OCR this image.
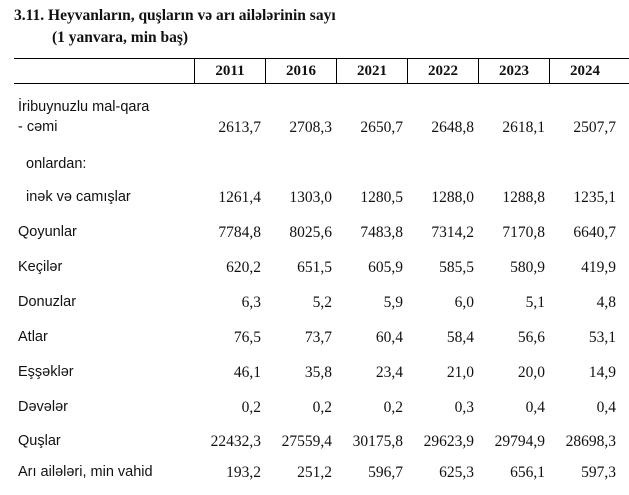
3.11. Heyvanların, quşların və arı ailələrinin sayı
(1 yanvara, min baş)
2011	2016	2021	2022	2023	2024
İribuynuzlu mal-qara
- cəmi	2613,7	2708,3	2650,7	2648,8	2618,1	2507,7
onlardan:
inək və camışlar	1261,4	1303,0	1280,5	1288,0	1288,8	1235,1
Qoyunlar	7784,8	8025,6	7483,8	7314,2	7170,8	6640,7
Keçilər	620,2	651,5	605,9	585,5	580,9	419,9
Donuzlar	6,3	5,2	5,9	6,0	5,1	4,8
Atlar	76,5	73,7	60,4	58,4	56,6	53,1
Eşşəklər	46,1	35,8	23,4	21,0	20,0	14,9
Dəvələr	0,2	0,2	0,2	0,3	0,4	0,4
Quşlar	22432,3	27559,4	30175,8	29623,9	29794,9	28698,3
Arı ailələri, min vahid	193,2	251,2	596,7	625,3	656,1	597,3
